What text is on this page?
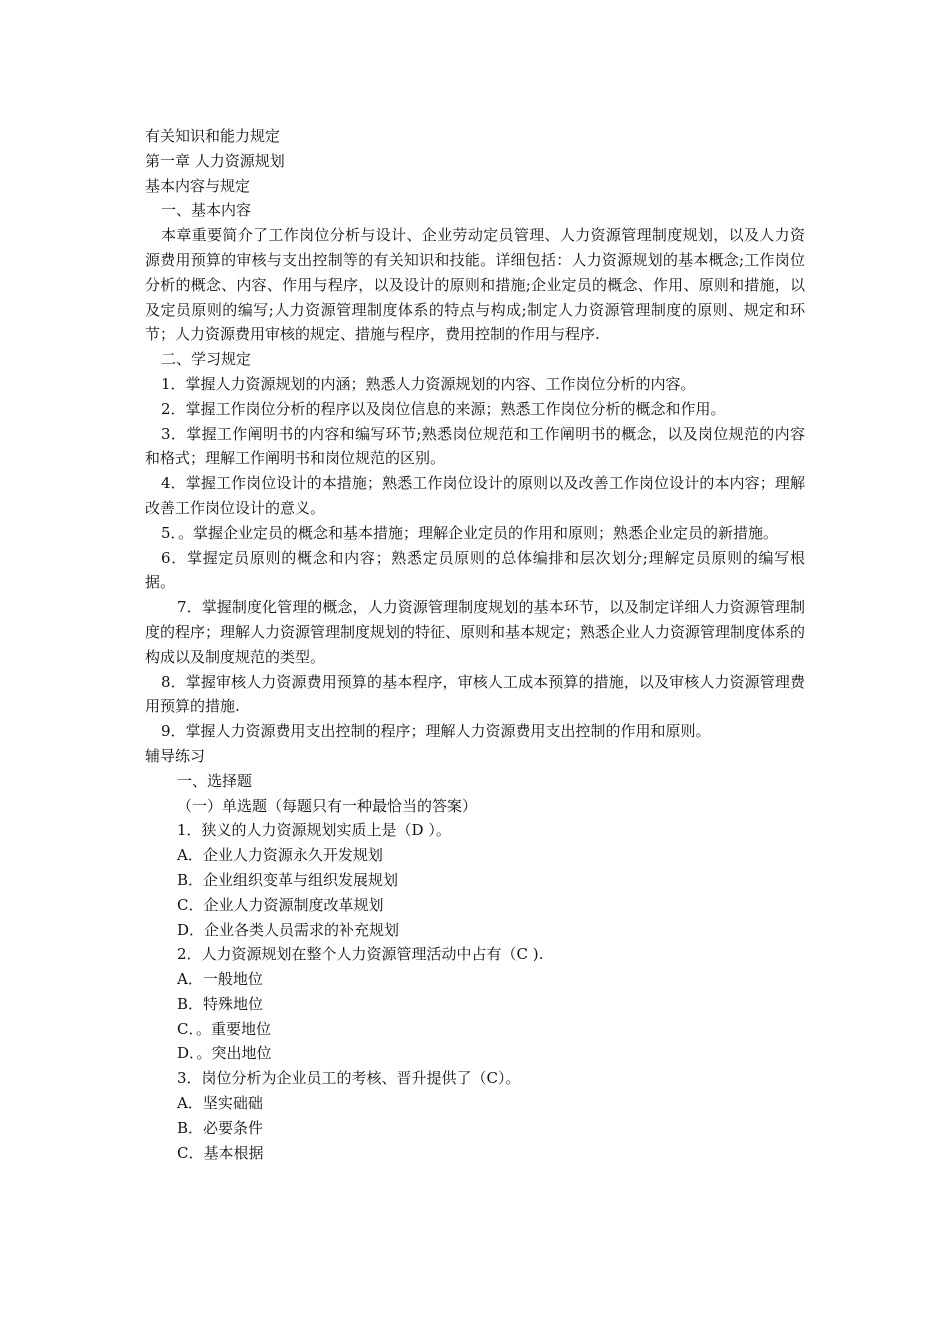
有关知识和能力规定
第一章 人力资源规划
基本内容与规定
一、基本内容
本章重要简介了工作岗位分析与设计、企业劳动定员管理、人力资源管理制度规划，以及人力资源费用预算的审核与支出控制等的有关知识和技能。详细包括：人力资源规划的基本概念;工作岗位分析的概念、内容、作用与程序，以及设计的原则和措施;企业定员的概念、作用、原则和措施，以及定员原则的编写;人力资源管理制度体系的特点与构成;制定人力资源管理制度的原则、规定和环节；人力资源费用审核的规定、措施与程序，费用控制的作用与程序.
二、学习规定
1．掌握人力资源规划的内涵；熟悉人力资源规划的内容、工作岗位分析的内容。
2．掌握工作岗位分析的程序以及岗位信息的来源；熟悉工作岗位分析的概念和作用。
3．掌握工作阐明书的内容和编写环节;熟悉岗位规范和工作阐明书的概念，以及岗位规范的内容和格式；理解工作阐明书和岗位规范的区别。
4．掌握工作岗位设计的本措施；熟悉工作岗位设计的原则以及改善工作岗位设计的本内容；理解改善工作岗位设计的意义。
5．。掌握企业定员的概念和基本措施；理解企业定员的作用和原则；熟悉企业定员的新措施。
6．掌握定员原则的概念和内容；熟悉定员原则的总体编排和层次划分;理解定员原则的编写根据。
7．掌握制度化管理的概念，人力资源管理制度规划的基本环节，以及制定详细人力资源管理制度的程序；理解人力资源管理制度规划的特征、原则和基本规定；熟悉企业人力资源管理制度体系的构成以及制度规范的类型。
8．掌握审核人力资源费用预算的基本程序，审核人工成本预算的措施，以及审核人力资源管理费用预算的措施.
9．掌握人力资源费用支出控制的程序；理解人力资源费用支出控制的作用和原则。
辅导练习
一、选择题
（一）单选题（每题只有一种最恰当的答案）
1．狭义的人力资源规划实质上是（D ）。
A．企业人力资源永久开发规划
B．企业组织变革与组织发展规划
C．企业人力资源制度改革规划
D．企业各类人员需求的补充规划
2．人力资源规划在整个人力资源管理活动中占有（C ).
A．一般地位
B．特殊地位
C．。重要地位
D．。突出地位
3．岗位分析为企业员工的考核、晋升提供了（C）。
A．坚实础础
B．必要条件
C．基本根据
